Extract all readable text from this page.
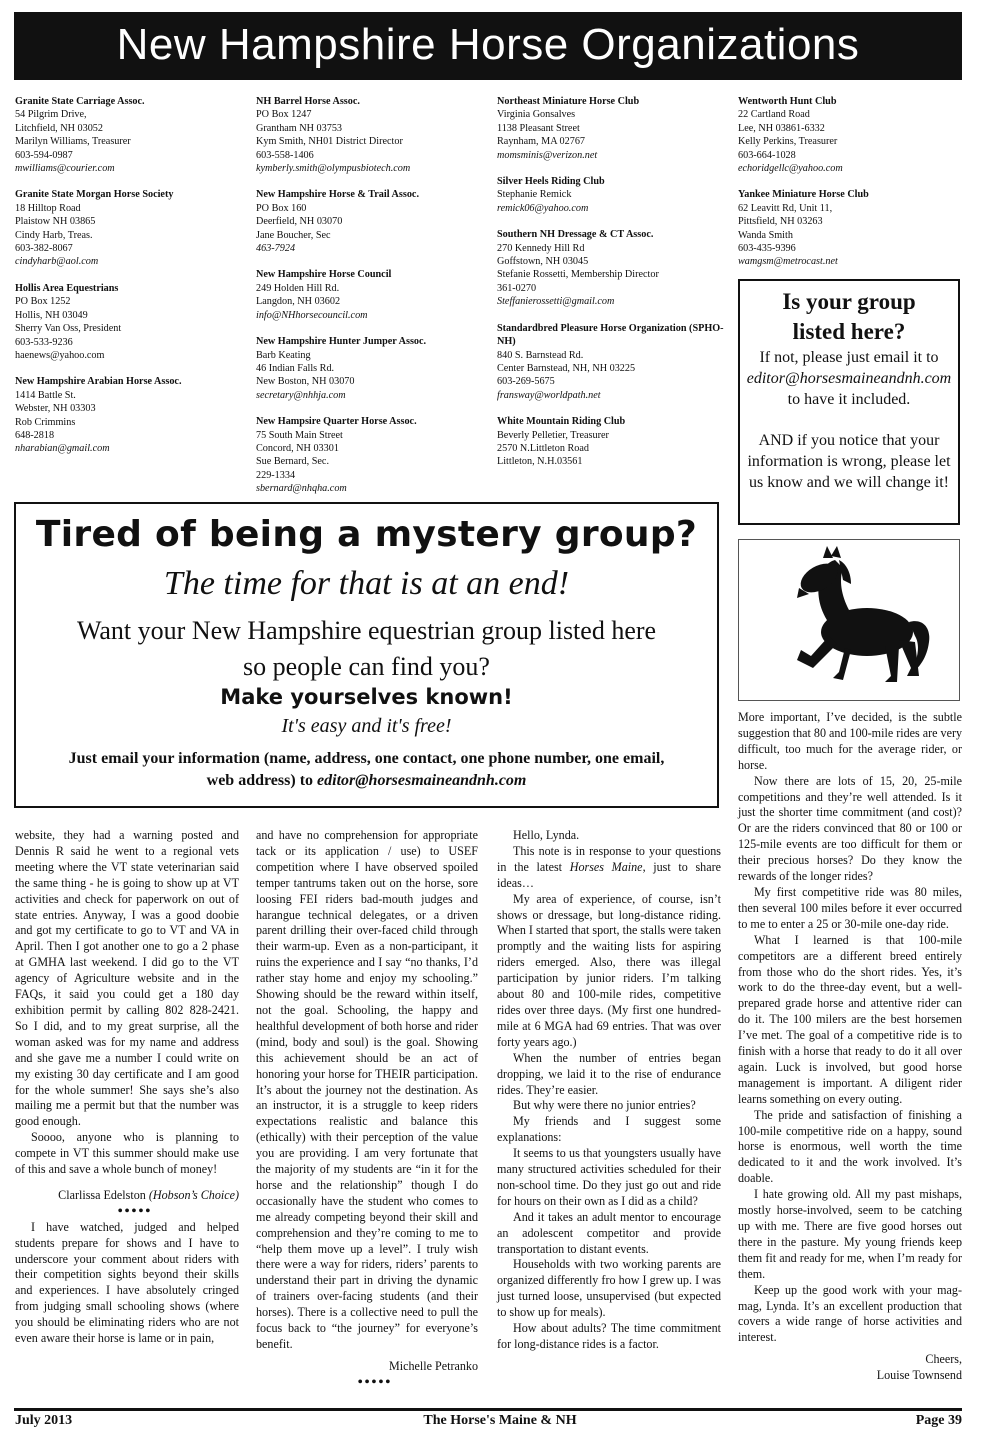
New Hampshire Horse Organizations
Granite State Carriage Assoc.
54 Pilgrim Drive,
Litchfield, NH 03052
Marilyn Williams, Treasurer
603-594-0987
mwilliams@courier.com
Granite State Morgan Horse Society
18 Hilltop Road
Plaistow NH 03865
Cindy Harb, Treas.
603-382-8067
cindyharb@aol.com
Hollis Area Equestrians
PO Box 1252
Hollis, NH 03049
Sherry Van Oss, President
603-533-9236
haenews@yahoo.com
New Hampshire Arabian Horse Assoc.
1414 Battle St.
Webster, NH 03303
Rob Crimmins
648-2818
nharabian@gmail.com
NH Barrel Horse Assoc.
PO Box 1247
Grantham NH 03753
Kym Smith, NH01 District Director
603-558-1406
kymberly.smith@olympusbiotech.com
New Hampshire Horse & Trail Assoc.
PO Box 160
Deerfield, NH 03070
Jane Boucher, Sec
463-7924
New Hampshire Horse Council
249 Holden Hill Rd.
Langdon, NH 03602
info@NHhorsecouncil.com
New Hampshire Hunter Jumper Assoc.
Barb Keating
46 Indian Falls Rd.
New Boston, NH 03070
secretary@nhhja.com
New Hampsire Quarter Horse Assoc.
75 South Main Street
Concord, NH 03301
Sue Bernard, Sec.
229-1334
sbernard@nhqha.com
Northeast Miniature Horse Club
Virginia Gonsalves
1138 Pleasant Street
Raynham, MA 02767
momsminis@verizon.net
Silver Heels Riding Club
Stephanie Remick
remick06@yahoo.com
Southern NH Dressage & CT Assoc.
270 Kennedy Hill Rd
Goffstown, NH 03045
Stefanie Rossetti, Membership Director
361-0270
Steffanierossetti@gmail.com
Standardbred Pleasure Horse Organization (SPHO-NH)
840 S. Barnstead Rd.
Center Barnstead, NH, NH 03225
603-269-5675
fransway@worldpath.net
White Mountain Riding Club
Beverly Pelletier, Treasurer
2570 N.Littleton Road
Littleton, N.H.03561
Wentworth Hunt Club
22 Cartland Road
Lee, NH 03861-6332
Kelly Perkins, Treasurer
603-664-1028
echoridgellc@yahoo.com
Yankee Miniature Horse Club
62 Leavitt Rd, Unit 11,
Pittsfield, NH 03263
Wanda Smith
603-435-9396
wamgsm@metrocast.net
Is your group
listed here?
If not, please just email it to
editor@horsesmaineandnh.com
to have it included.
AND if you notice that your information is wrong, please let us know and we will change it!
Tired of being a mystery group?
The time for that is at an end!
Want your New Hampshire equestrian group listed here
so people can find you?
Make yourselves known!
It's easy and it's free!
Just email your information (name, address, one contact, one phone number, one email, web address) to editor@horsesmaineandnh.com

website, they had a warning posted and Dennis R said he went to a regional vets meeting where the VT state veterinarian said the same thing - he is going to show up at VT activities and check for paperwork on out of state entries. Anyway, I was a good doobie and got my certificate to go to VT and VA in April. Then I got another one to go a 2 phase at GMHA last weekend. I did go to the VT agency of Agriculture website and in the FAQs, it said you could get a 180 day exhibition permit by calling 802 828-2421. So I did, and to my great surprise, all the woman asked was for my name and address and she gave me a number I could write on my existing 30 day certificate and I am good for the whole summer! She says she’s also mailing me a permit but that the number was good enough.

Soooo, anyone who is planning to compete in VT this summer should make use of this and save a whole bunch of money!

Clarlissa Edelston (Hobson’s Choice)

•••••

I have watched, judged and helped students prepare for shows and I have to underscore your comment about riders with their competition sights beyond their skills and experiences. I have absolutely cringed from judging small schooling shows (where you should be eliminating riders who are not even aware their horse is lame or in pain,

and have no comprehension for appropriate tack or its application / use) to USEF competition where I have observed spoiled temper tantrums taken out on the horse, sore loosing FEI riders bad-mouth judges and harangue technical delegates, or a driven parent drilling their over-faced child through their warm-up. Even as a non-participant, it ruins the experience and I say “no thanks, I’d rather stay home and enjoy my schooling.” Showing should be the reward within itself, not the goal. Schooling, the happy and healthful development of both horse and rider (mind, body and soul) is the goal. Showing this achievement should be an act of honoring your horse for THEIR participation. It’s about the journey not the destination. As an instructor, it is a struggle to keep riders expectations realistic and balance this (ethically) with their perception of the value you are providing. I am very fortunate that the majority of my students are “in it for the horse and the relationship” though I do occasionally have the student who comes to me already competing beyond their skill and comprehension and they’re coming to me to “help them move up a level”. I truly wish there were a way for riders, riders’ parents to understand their part in driving the dynamic of trainers over-facing students (and their horses). There is a collective need to pull the focus back to “the journey” for everyone’s benefit.

Michelle Petranko

•••••

Hello, Lynda.

This note is in response to your questions in the latest Horses Maine, just to share ideas…

My area of experience, of course, isn’t shows or dressage, but long-distance riding. When I started that sport, the stalls were taken promptly and the waiting lists for aspiring riders emerged. Also, there was illegal participation by junior riders. I’m talking about 80 and 100-mile rides, competitive rides over three days. (My first one hundred-mile at 6 MGA had 69 entries. That was over forty years ago.)

When the number of entries began dropping, we laid it to the rise of endurance rides. They’re easier.

But why were there no junior entries?

My friends and I suggest some explanations:

It seems to us that youngsters usually have many structured activities scheduled for their non-school time. Do they just go out and ride for hours on their own as I did as a child?

And it takes an adult mentor to encourage an adolescent competitor and provide transportation to distant events.

Households with two working parents are organized differently fro how I grew up. I was just turned loose, unsupervised (but expected to show up for meals).

How about adults? The time commitment for long-distance rides is a factor.

More important, I’ve decided, is the subtle suggestion that 80 and 100-mile rides are very difficult, too much for the average rider, or horse.

Now there are lots of 15, 20, 25-mile competitions and they’re well attended. Is it just the shorter time commitment (and cost)? Or are the riders convinced that 80 or 100 or 125-mile events are too difficult for them or their precious horses? Do they know the rewards of the longer rides?

My first competitive ride was 80 miles, then several 100 miles before it ever occurred to me to enter a 25 or 30-mile one-day ride.

What I learned is that 100-mile competitors are a different breed entirely from those who do the short rides. Yes, it’s work to do the three-day event, but a well-prepared grade horse and attentive rider can do it. The 100 milers are the best horsemen I’ve met. The goal of a competitive ride is to finish with a horse that ready to do it all over again. Luck is involved, but good horse management is important. A diligent rider learns something on every outing.

The pride and satisfaction of finishing a 100-mile competitive ride on a happy, sound horse is enormous, well worth the time dedicated to it and the work involved. It’s doable.

I hate growing old. All my past mishaps, mostly horse-involved, seem to be catching up with me. There are five good horses out there in the pasture. My young friends keep them fit and ready for me, when I’m ready for them.

Keep up the good work with your mag-mag, Lynda. It’s an excellent production that covers a wide range of horse activities and interest.

Cheers,

Louise Townsend

July 2013	The Horse's Maine & NH	Page 39
